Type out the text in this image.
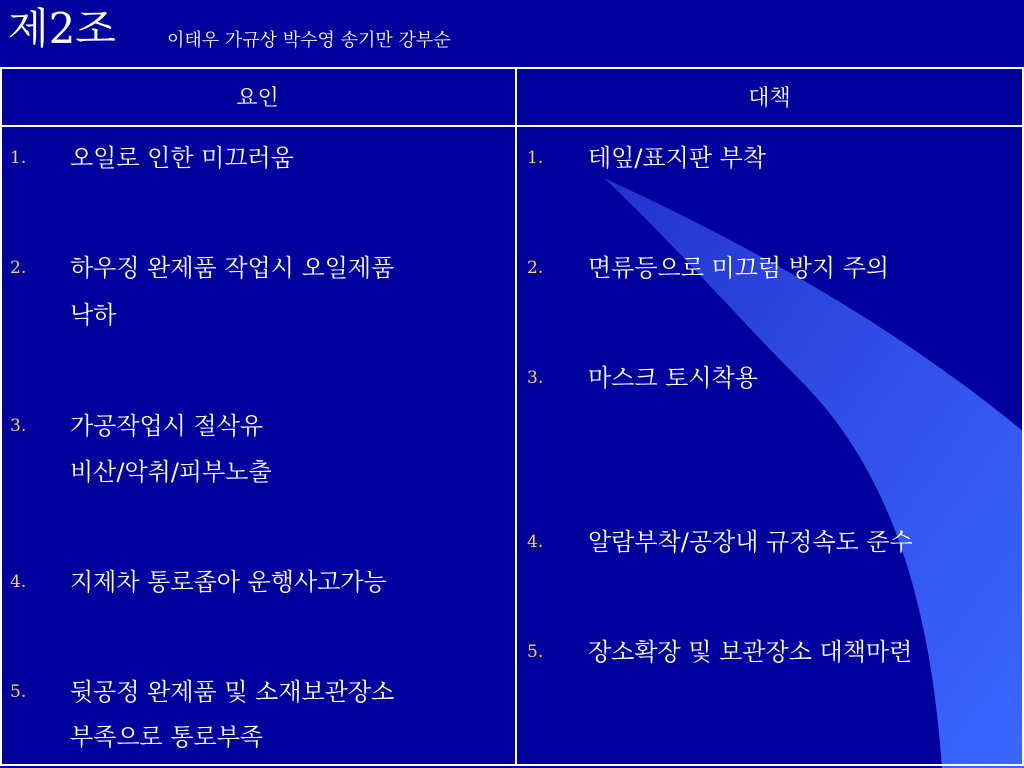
제2조	이태우 가규상 박수영 송기만 강부순
요인	대책
1. 오일로 인한 미끄러움
2. 하우징 완제품 작업시 오일제품
낙하
3. 가공작업시 절삭유
비산/악취/피부노출
4. 지제차 통로좁아 운행사고가능
5. 뒷공정 완제품 및 소재보관장소
부족으로 통로부족
1. 테잎/표지판 부착
2. 면류등으로 미끄럼 방지 주의
3. 마스크 토시착용
4. 알람부착/공장내 규정속도 준수
5. 장소확장 및 보관장소 대책마련
